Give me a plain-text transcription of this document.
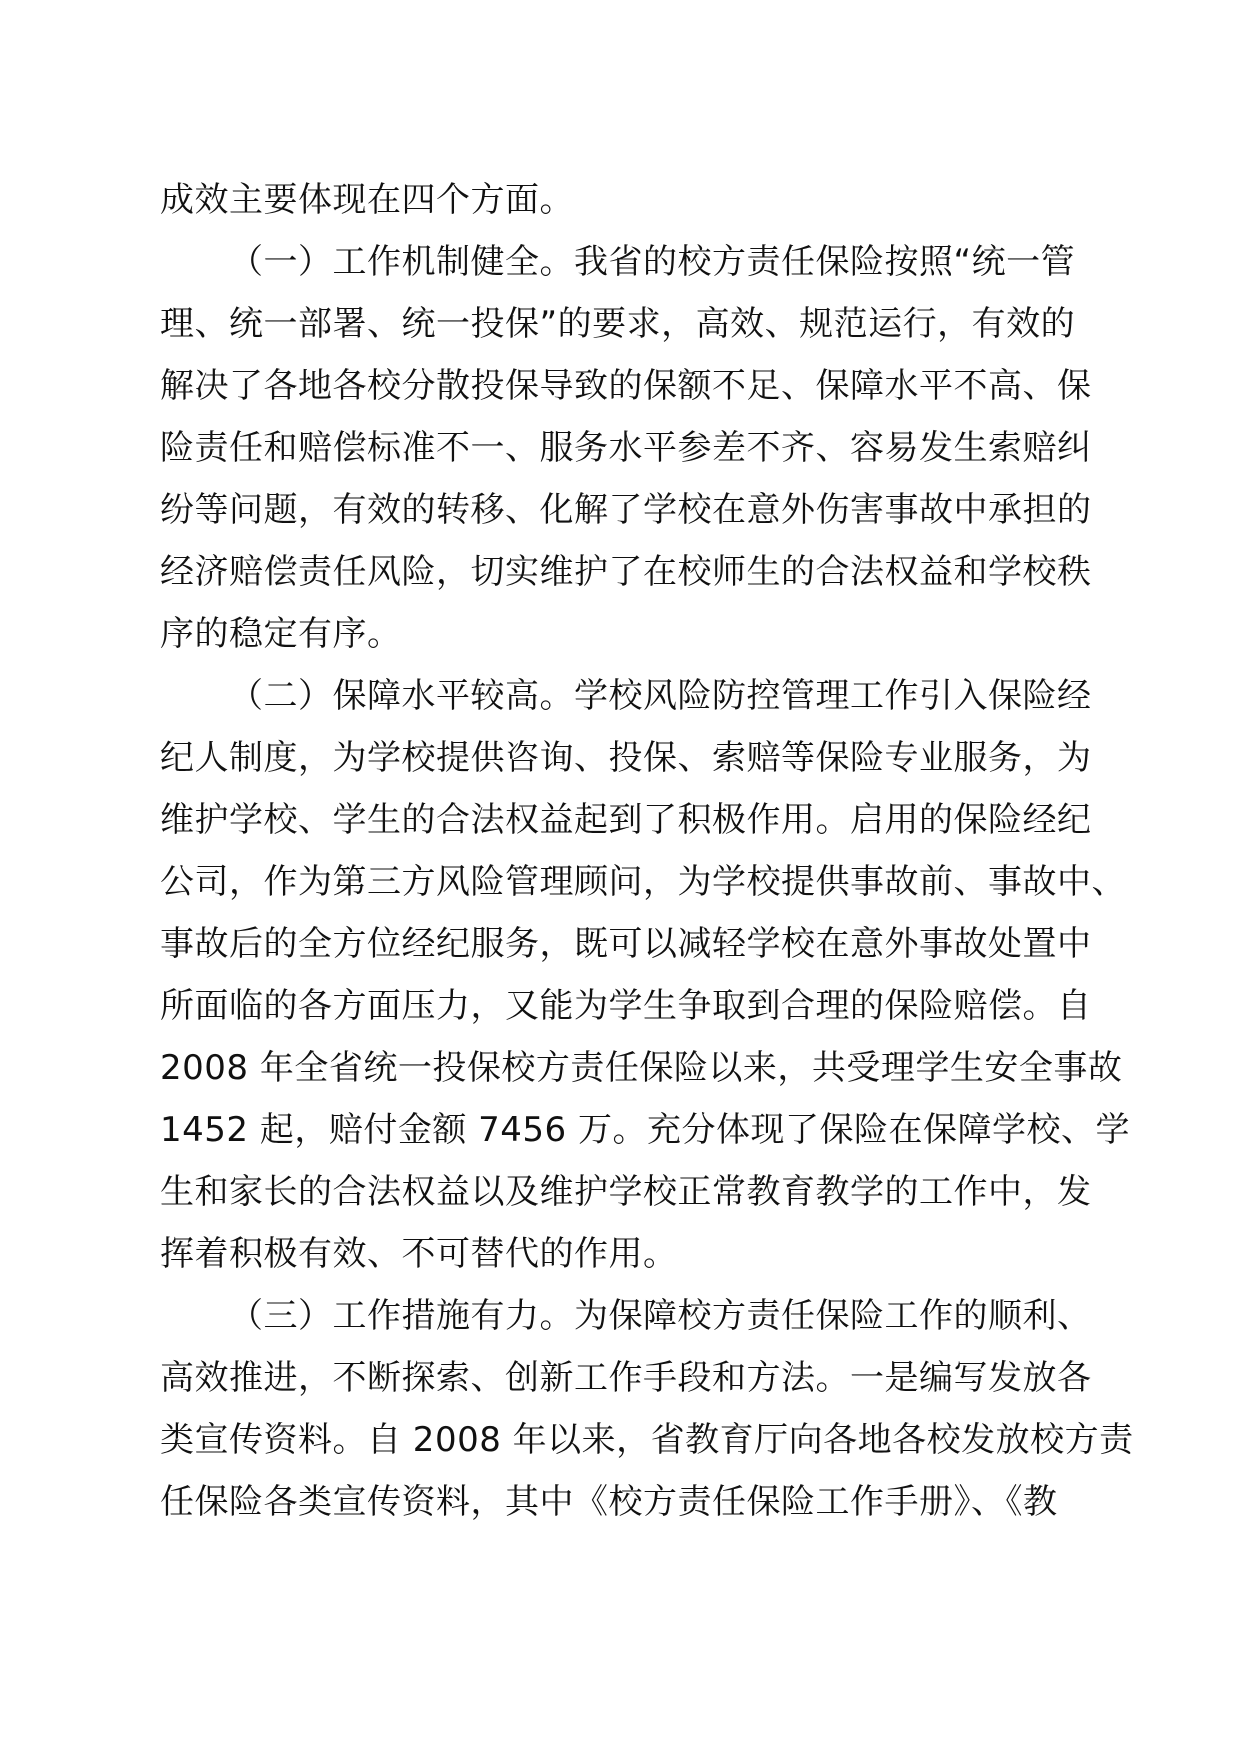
成效主要体现在四个方面。
（一）工作机制健全。我省的校方责任保险按照“统一管
理、统一部署、统一投保”的要求，高效、规范运行，有效的
解决了各地各校分散投保导致的保额不足、保障水平不高、保
险责任和赔偿标准不一、服务水平参差不齐、容易发生索赔纠
纷等问题，有效的转移、化解了学校在意外伤害事故中承担的
经济赔偿责任风险，切实维护了在校师生的合法权益和学校秩
序的稳定有序。
（二）保障水平较高。学校风险防控管理工作引入保险经
纪人制度，为学校提供咨询、投保、索赔等保险专业服务，为
维护学校、学生的合法权益起到了积极作用。启用的保险经纪
公司，作为第三方风险管理顾问，为学校提供事故前、事故中、
事故后的全方位经纪服务，既可以减轻学校在意外事故处置中
所面临的各方面压力，又能为学生争取到合理的保险赔偿。自
2008 年全省统一投保校方责任保险以来，共受理学生安全事故
1452 起，赔付金额 7456 万。充分体现了保险在保障学校、学
生和家长的合法权益以及维护学校正常教育教学的工作中，发
挥着积极有效、不可替代的作用。
（三）工作措施有力。为保障校方责任保险工作的顺利、
高效推进，不断探索、创新工作手段和方法。一是编写发放各
类宣传资料。自 2008 年以来，省教育厅向各地各校发放校方责
任保险各类宣传资料，其中《校方责任保险工作手册》、《教
